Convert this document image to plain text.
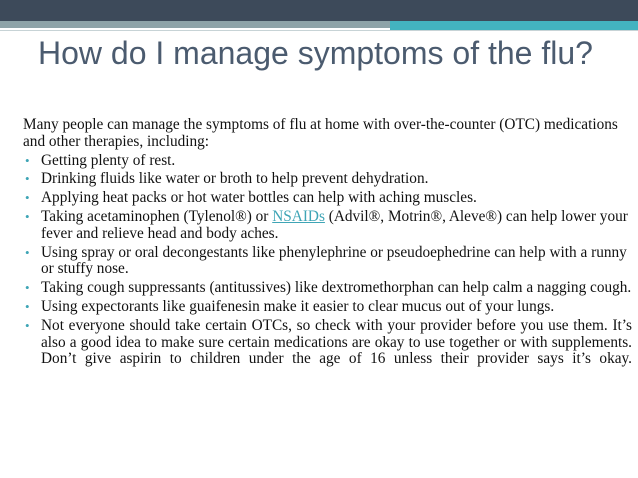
How do I manage symptoms of the flu?

Many people can manage the symptoms of flu at home with over-the-counter (OTC) medications and other therapies, including:

• Getting plenty of rest.
• Drinking fluids like water or broth to help prevent dehydration.
• Applying heat packs or hot water bottles can help with aching muscles.
• Taking acetaminophen (Tylenol®) or NSAIDs (Advil®, Motrin®, Aleve®) can help lower your fever and relieve head and body aches.
• Using spray or oral decongestants like phenylephrine or pseudoephedrine can help with a runny or stuffy nose.
• Taking cough suppressants (antitussives) like dextromethorphan can help calm a nagging cough.
• Using expectorants like guaifenesin make it easier to clear mucus out of your lungs.
• Not everyone should take certain OTCs, so check with your provider before you use them. It’s also a good idea to make sure certain medications are okay to use together or with supplements. Don’t give aspirin to children under the age of 16 unless their provider says it’s okay.
